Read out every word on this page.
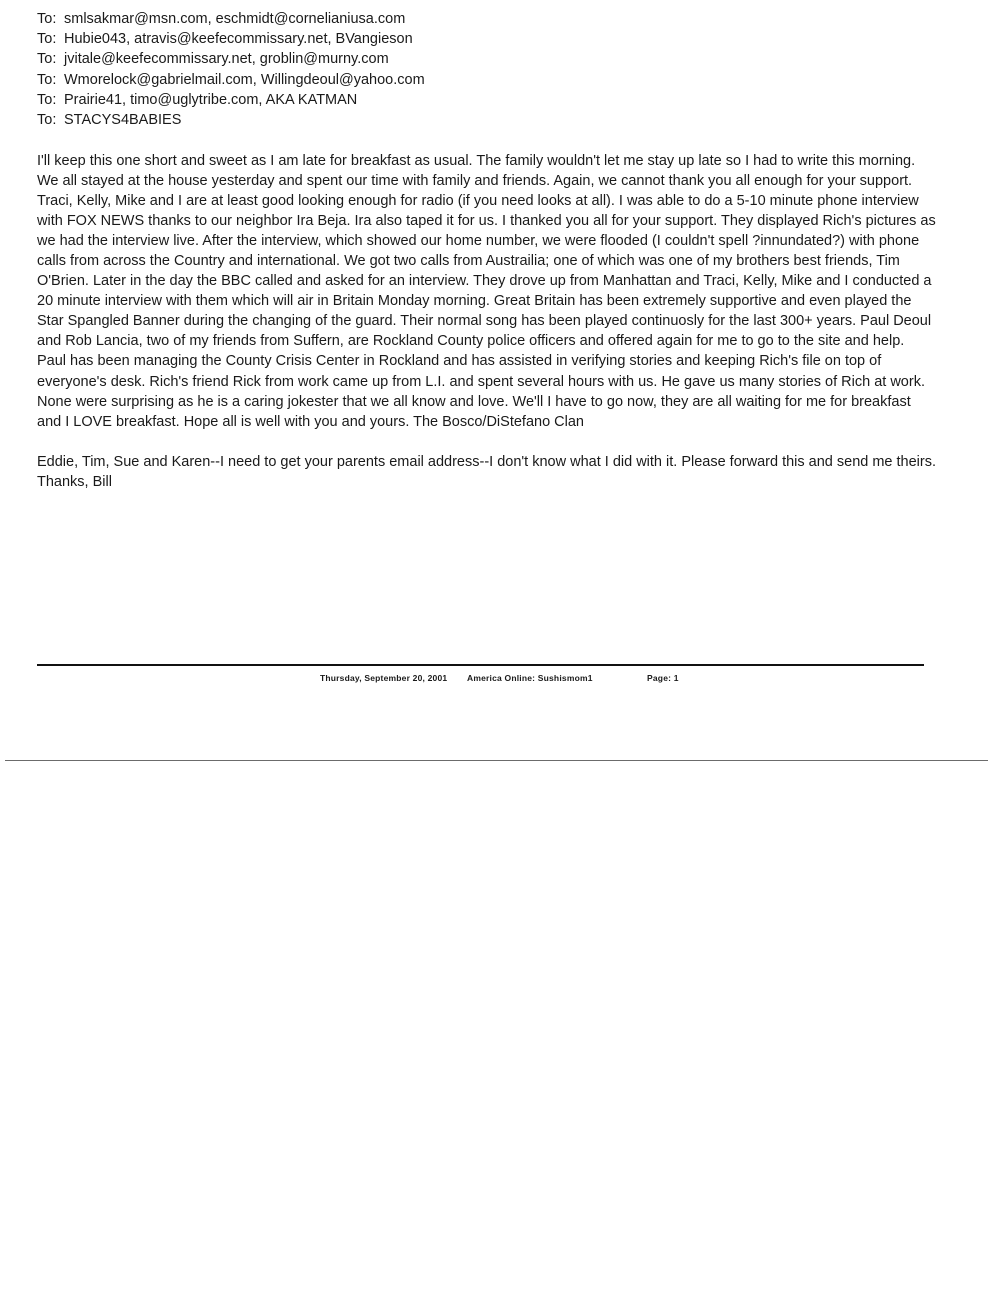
To: smlsakmar@msn.com, eschmidt@cornelianiusa.com
To: Hubie043, atravis@keefecommissary.net, BVangieson
To: jvitale@keefecommissary.net, groblin@murny.com
To: Wmorelock@gabrielmail.com, Willingdeoul@yahoo.com
To: Prairie41, timo@uglytribe.com, AKA KATMAN
To: STACYS4BABIES

I'll keep this one short and sweet as I am late for breakfast as usual. The family wouldn't let me stay up late so I had to write this morning. We all stayed at the house yesterday and spent our time with family and friends. Again, we cannot thank you all enough for your support. Traci, Kelly, Mike and I are at least good looking enough for radio (if you need looks at all). I was able to do a 5-10 minute phone interview with FOX NEWS thanks to our neighbor Ira Beja. Ira also taped it for us. I thanked you all for your support. They displayed Rich's pictures as we had the interview live. After the interview, which showed our home number, we were flooded (I couldn't spell ?innundated?) with phone calls from across the Country and international. We got two calls from Austrailia; one of which was one of my brothers best friends, Tim O'Brien. Later in the day the BBC called and asked for an interview. They drove up from Manhattan and Traci, Kelly, Mike and I conducted a 20 minute interview with them which will air in Britain Monday morning. Great Britain has been extremely supportive and even played the Star Spangled Banner during the changing of the guard. Their normal song has been played continuosly for the last 300+ years. Paul Deoul and Rob Lancia, two of my friends from Suffern, are Rockland County police officers and offered again for me to go to the site and help. Paul has been managing the County Crisis Center in Rockland and has assisted in verifying stories and keeping Rich's file on top of everyone's desk. Rich's friend Rick from work came up from L.I. and spent several hours with us. He gave us many stories of Rich at work. None were surprising as he is a caring jokester that we all know and love. We'll I have to go now, they are all waiting for me for breakfast and I LOVE breakfast. Hope all is well with you and yours. The Bosco/DiStefano Clan

Eddie, Tim, Sue and Karen--I need to get your parents email address--I don't know what I did with it. Please forward this and send me theirs. Thanks, Bill

Thursday, September 20, 2001 America Online: Sushismom1	Page: 1
